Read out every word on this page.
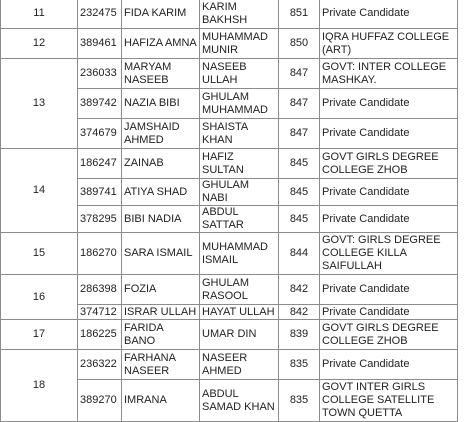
11	232475	FIDA KARIM	KARIM BAKHSH	851	Private Candidate
12	389461	HAFIZA AMNA	MUHAMMAD MUNIR	850	IQRA HUFFAZ COLLEGE (ART)
13	236033	MARYAM NASEEB	NASEEB ULLAH	847	GOVT: INTER COLLEGE MASHKAY.
	389742	NAZIA BIBI	GHULAM MUHAMMAD	847	Private Candidate
	374679	JAMSHAID AHMED	SHAISTA KHAN	847	Private Candidate
14	186247	ZAINAB	HAFIZ SULTAN	845	GOVT GIRLS DEGREE COLLEGE ZHOB
	389741	ATIYA SHAD	GHULAM NABI	845	Private Candidate
	378295	BIBI NADIA	ABDUL SATTAR	845	Private Candidate
15	186270	SARA ISMAIL	MUHAMMAD ISMAIL	844	GOVT: GIRLS DEGREE COLLEGE KILLA SAIFULLAH
16	286398	FOZIA	GHULAM RASOOL	842	Private Candidate
	374712	ISRAR ULLAH	HAYAT ULLAH	842	Private Candidate
17	186225	FARIDA BANO	UMAR DIN	839	GOVT GIRLS DEGREE COLLEGE ZHOB
18	236322	FARHANA NASEER	NASEER AHMED	835	Private Candidate
	389270	IMRANA	ABDUL SAMAD KHAN	835	GOVT INTER GIRLS COLLEGE SATELLITE TOWN QUETTA
